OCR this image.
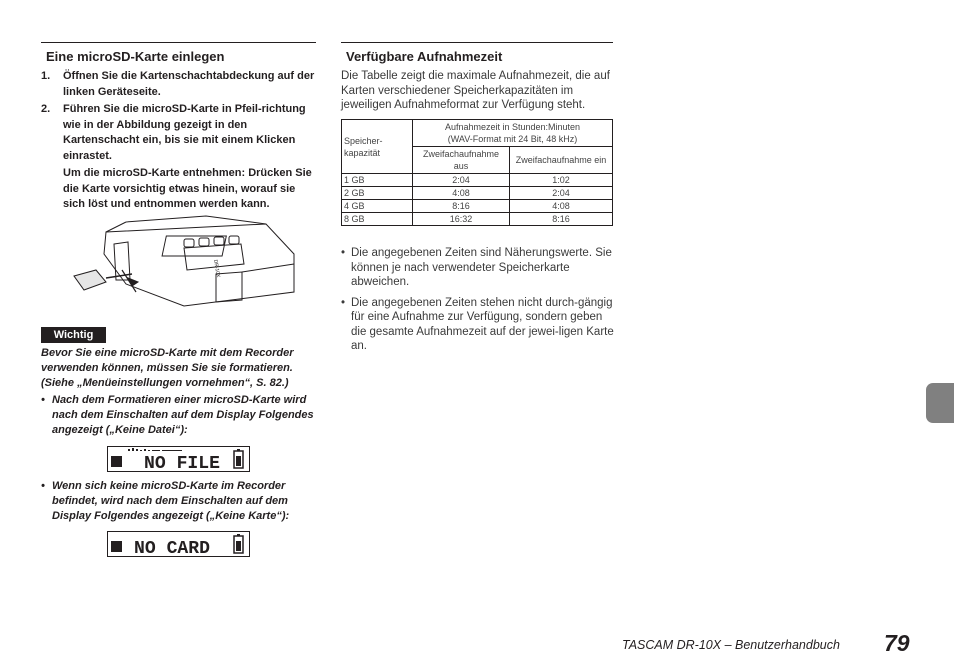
Eine microSD-Karte einlegen
1.	Öffnen Sie die Kartenschachtabdeckung auf der linken Geräteseite.
2.	Führen Sie die microSD-Karte in Pfeil-richtung wie in der Abbildung gezeigt in den Kartenschacht ein, bis sie mit einem Klicken einrastet.
Um die microSD-Karte entnehmen: Drücken Sie die Karte vorsichtig etwas hinein, worauf sie sich löst und entnommen werden kann.
DR-10X
Wichtig
Bevor Sie eine microSD-Karte mit dem Recorder verwenden können, müssen Sie sie formatieren. (Siehe „Menüeinstellungen vornehmen“, S. 82.)
• Nach dem Formatieren einer microSD-Karte wird nach dem Einschalten auf dem Display Folgendes angezeigt („Keine Datei“):
NO FILE
• Wenn sich keine microSD-Karte im Recorder befindet, wird nach dem Einschalten auf dem Display Folgendes angezeigt („Keine Karte“):
NO CARD
Verfügbare Aufnahmezeit
Die Tabelle zeigt die maximale Aufnahmezeit, die auf Karten verschiedener Speicherkapazitäten im jeweiligen Aufnahmeformat zur Verfügung steht.
Speicher-kapazität	Aufnahmezeit in Stunden:Minuten
(WAV-Format mit 24 Bit, 48 kHz)	
	Zweifachaufnahme aus	Zweifachaufnahme ein
1 GB	2:04	1:02
2 GB	4:08	2:04
4 GB	8:16	4:08
8 GB	16:32	8:16
• Die angegebenen Zeiten sind Näherungswerte. Sie können je nach verwendeter Speicherkarte abweichen.
• Die angegebenen Zeiten stehen nicht durch-gängig für eine Aufnahme zur Verfügung, sondern geben die gesamte Aufnahmezeit auf der jewei-ligen Karte an.
TASCAM DR-10X – Benutzerhandbuch 79
